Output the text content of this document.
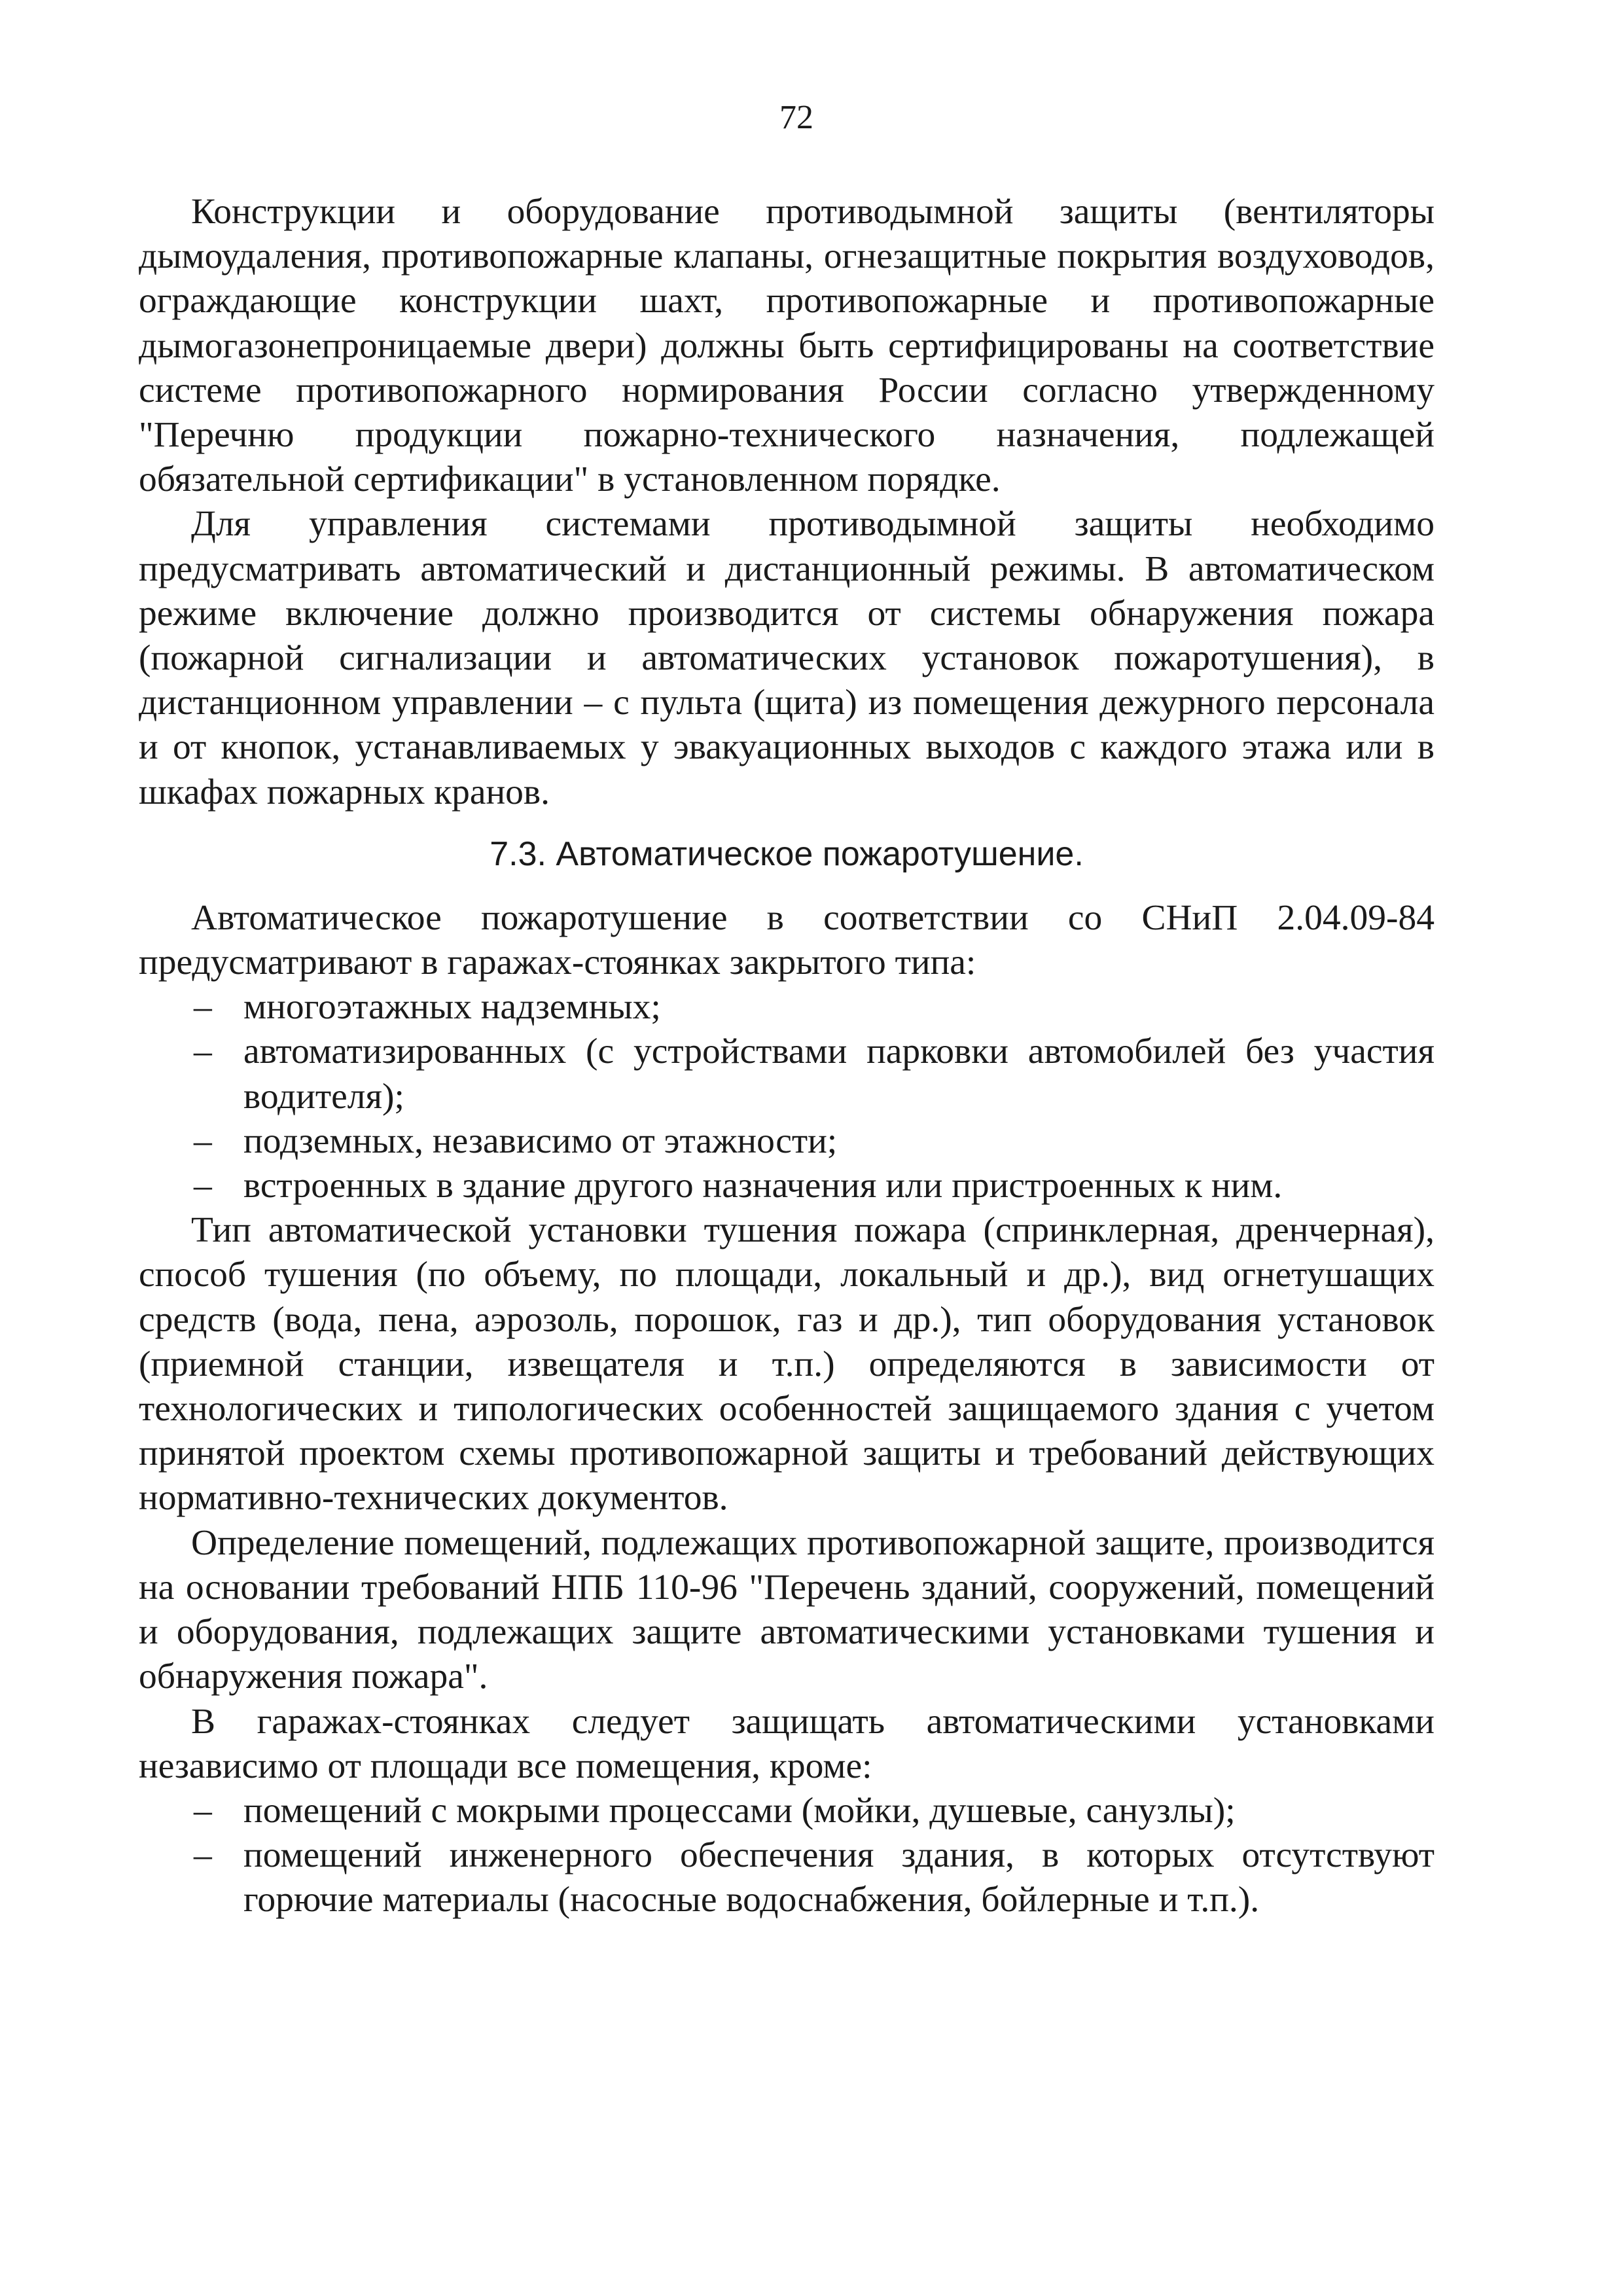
72

Конструкции и оборудование противодымной защиты (вентиляторы дымоудаления, противопожарные клапаны, огнезащитные покрытия воздуховодов, ограждающие конструкции шахт, противопожарные и противопожарные дымогазонепроницаемые двери) должны быть сертифицированы на соответствие системе противопожарного нормирования России согласно утвержденному "Перечню продукции пожарно-технического назначения, подлежащей обязательной сертификации" в установленном порядке.

Для управления системами противодымной защиты необходимо предусматривать автоматический и дистанционный режимы. В автоматическом режиме включение должно производится от системы обнаружения пожара (пожарной сигнализации и автоматических установок пожаротушения), в дистанционном управлении – с пульта (щита) из помещения дежурного персонала и от кнопок, устанавливаемых у эвакуационных выходов с каждого этажа или в шкафах пожарных кранов.

7.3. Автоматическое пожаротушение.

Автоматическое пожаротушение в соответствии со СНиП 2.04.09-84 предусматривают в гаражах-стоянках закрытого типа:

– многоэтажных надземных;
– автоматизированных (с устройствами парковки автомобилей без участия водителя);
– подземных, независимо от этажности;
– встроенных в здание другого назначения или пристроенных к ним.

Тип автоматической установки тушения пожара (спринклерная, дренчерная), способ тушения (по объему, по площади, локальный и др.), вид огнетушащих средств (вода, пена, аэрозоль, порошок, газ и др.), тип оборудования установок (приемной станции, извещателя и т.п.) определяются в зависимости от технологических и типологических особенностей защищаемого здания с учетом принятой проектом схемы противопожарной защиты и требований действующих нормативно-технических документов.

Определение помещений, подлежащих противопожарной защите, производится на основании требований НПБ 110-96 "Перечень зданий, сооружений, помещений и оборудования, подлежащих защите автоматическими установками тушения и обнаружения пожара".

В гаражах-стоянках следует защищать автоматическими установками независимо от площади все помещения, кроме:

– помещений с мокрыми процессами (мойки, душевые, санузлы);
– помещений инженерного обеспечения здания, в которых отсутствуют горючие материалы (насосные водоснабжения, бойлерные и т.п.).
